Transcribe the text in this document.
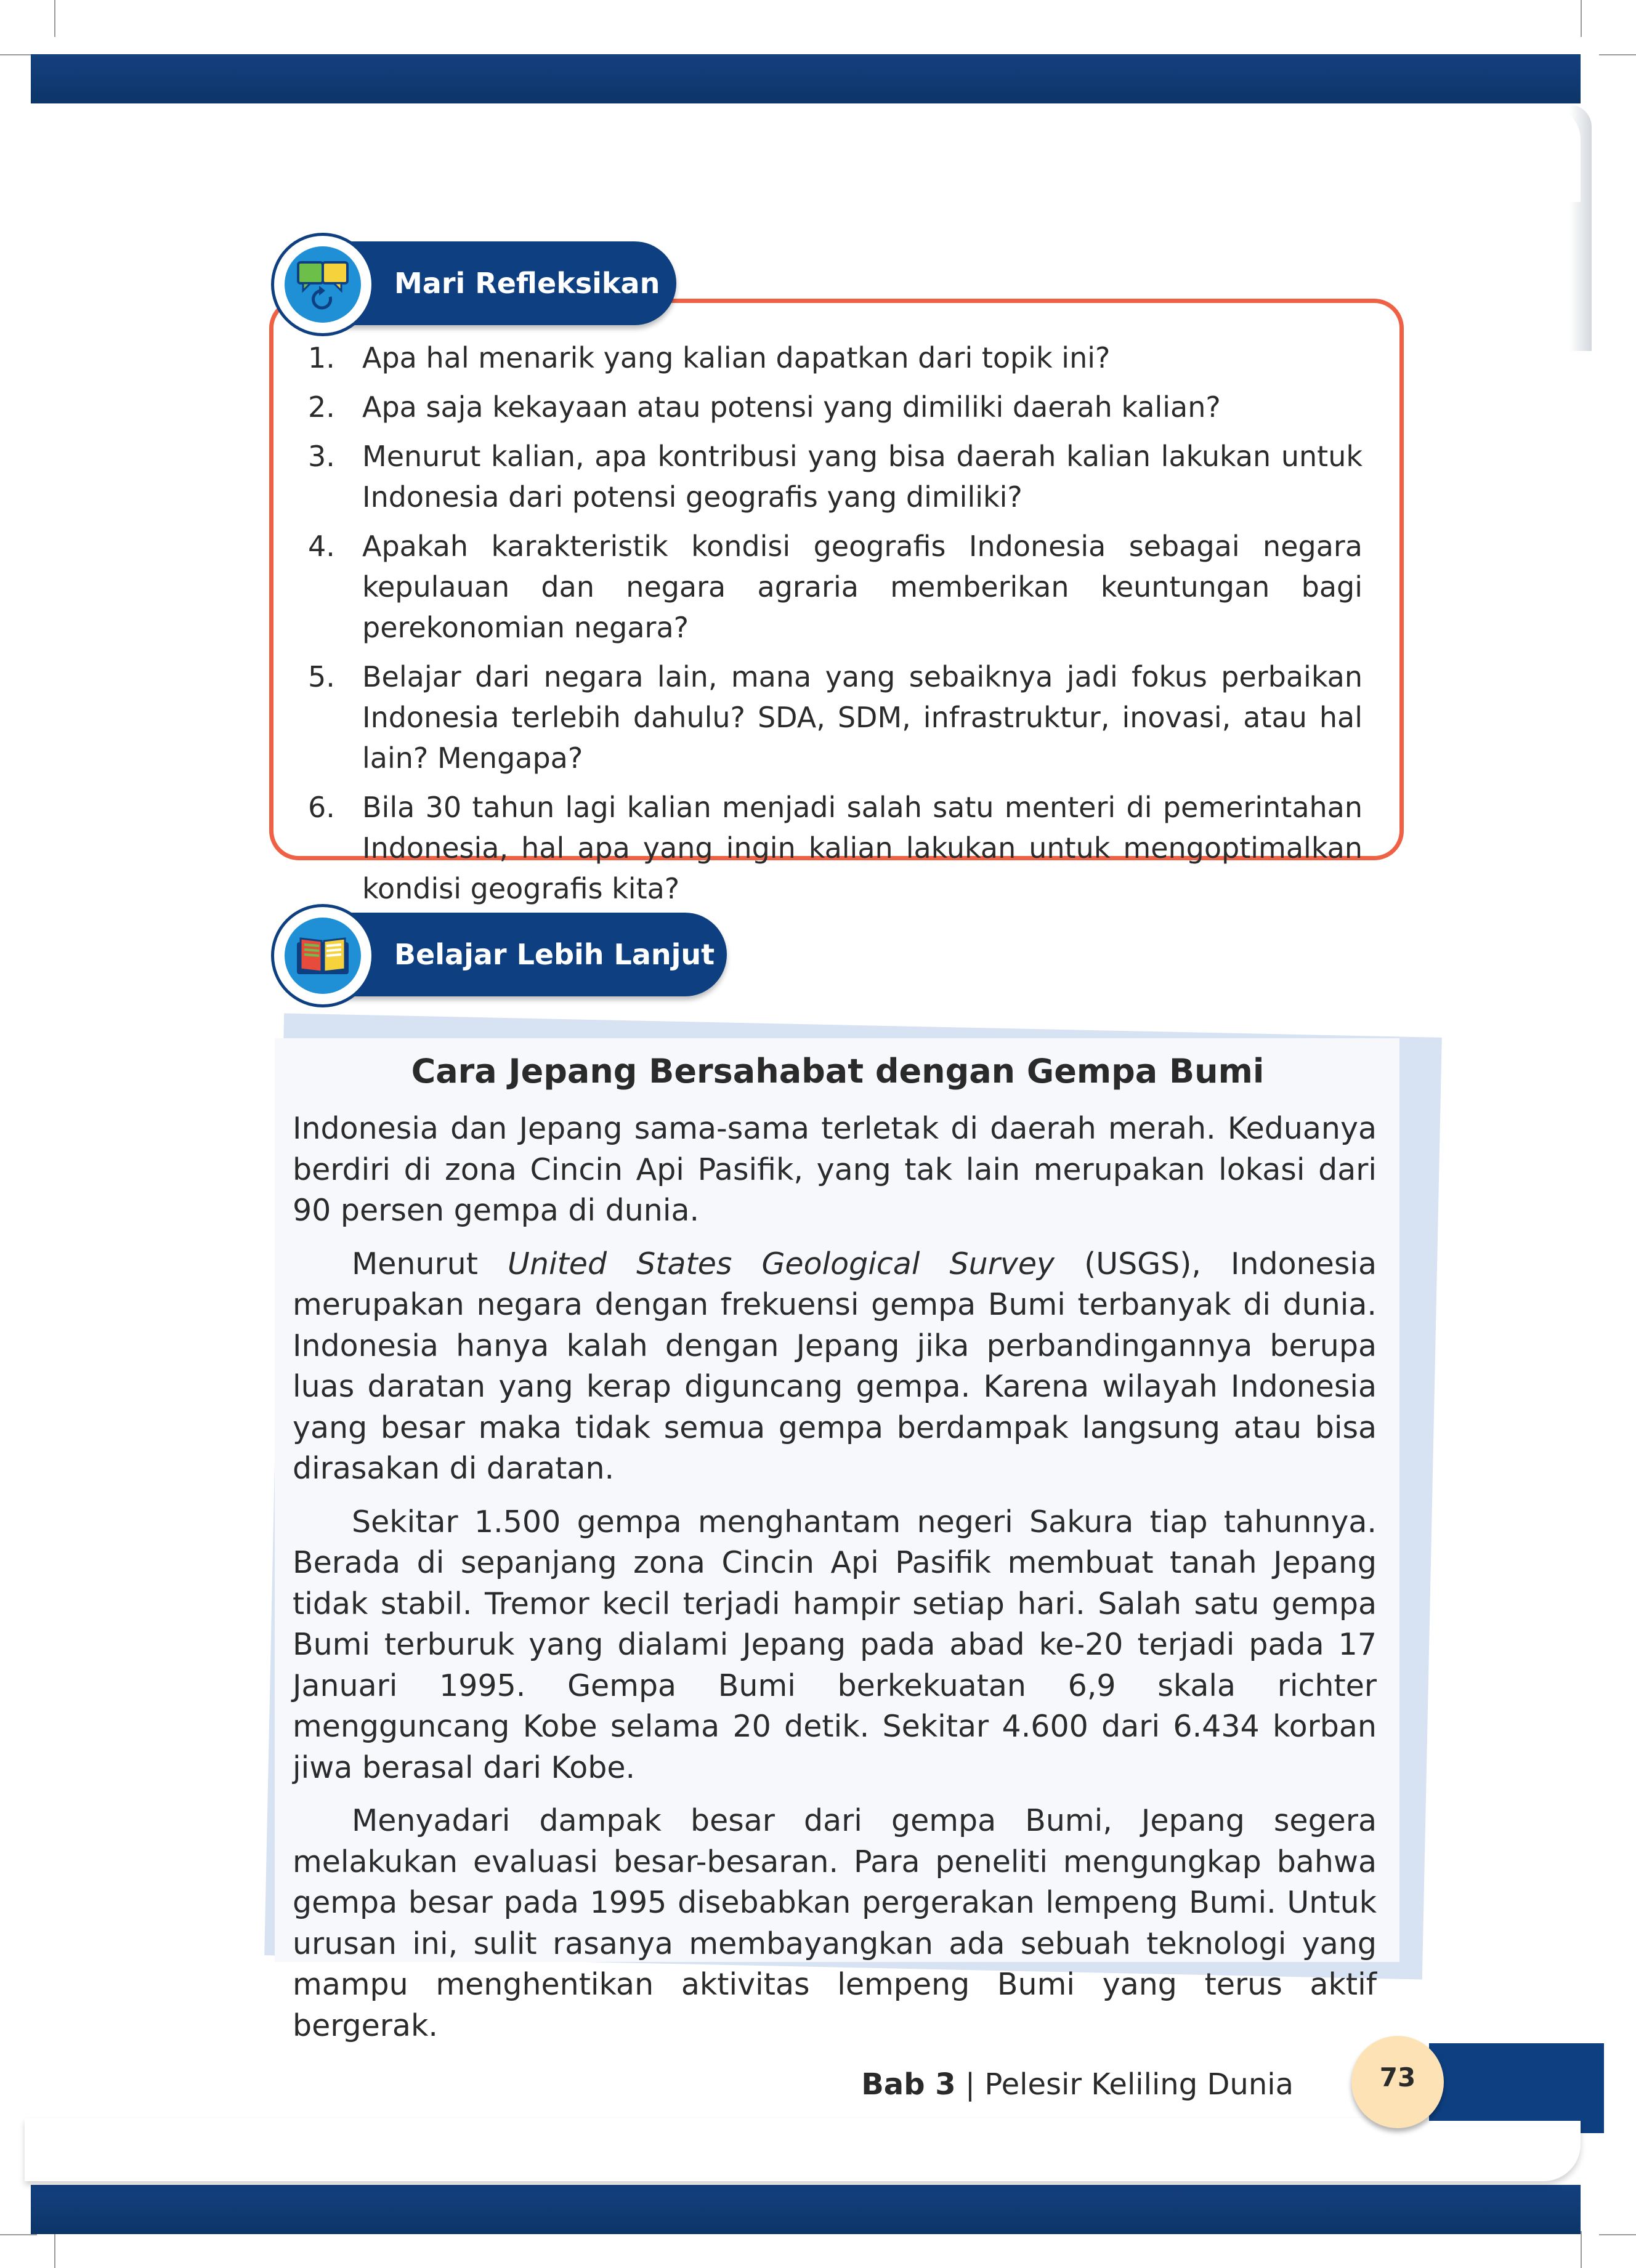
Mari Refleksikan
1. Apa hal menarik yang kalian dapatkan dari topik ini?
2. Apa saja kekayaan atau potensi yang dimiliki daerah kalian?
3. Menurut kalian, apa kontribusi yang bisa daerah kalian lakukan untuk Indonesia dari potensi geografis yang dimiliki?
4. Apakah karakteristik kondisi geografis Indonesia sebagai negara kepulauan dan negara agraria memberikan keuntungan bagi perekonomian negara?
5. Belajar dari negara lain, mana yang sebaiknya jadi fokus perbaikan Indonesia terlebih dahulu? SDA, SDM, infrastruktur, inovasi, atau hal lain? Mengapa?
6. Bila 30 tahun lagi kalian menjadi salah satu menteri di pemerintahan Indonesia, hal apa yang ingin kalian lakukan untuk mengoptimalkan kondisi geografis kita?
Belajar Lebih Lanjut
Cara Jepang Bersahabat dengan Gempa Bumi

Indonesia dan Jepang sama-sama terletak di daerah merah. Keduanya berdiri di zona Cincin Api Pasifik, yang tak lain merupakan lokasi dari 90 persen gempa di dunia.

Menurut United States Geological Survey (USGS), Indonesia merupakan negara dengan frekuensi gempa Bumi terbanyak di dunia. Indonesia hanya kalah dengan Jepang jika perbandingannya berupa luas daratan yang kerap diguncang gempa. Karena wilayah Indonesia yang besar maka tidak semua gempa berdampak langsung atau bisa dirasakan di daratan.

Sekitar 1.500 gempa menghantam negeri Sakura tiap tahunnya. Berada di sepanjang zona Cincin Api Pasifik membuat tanah Jepang tidak stabil. Tremor kecil terjadi hampir setiap hari. Salah satu gempa Bumi terburuk yang dialami Jepang pada abad ke-20 terjadi pada 17 Januari 1995. Gempa Bumi berkekuatan 6,9 skala richter mengguncang Kobe selama 20 detik. Sekitar 4.600 dari 6.434 korban jiwa berasal dari Kobe.

Menyadari dampak besar dari gempa Bumi, Jepang segera melakukan evaluasi besar-besaran. Para peneliti mengungkap bahwa gempa besar pada 1995 disebabkan pergerakan lempeng Bumi. Untuk urusan ini, sulit rasanya membayangkan ada sebuah teknologi yang mampu menghentikan aktivitas lempeng Bumi yang terus aktif bergerak.

Bab 3 | Pelesir Keliling Dunia	73
